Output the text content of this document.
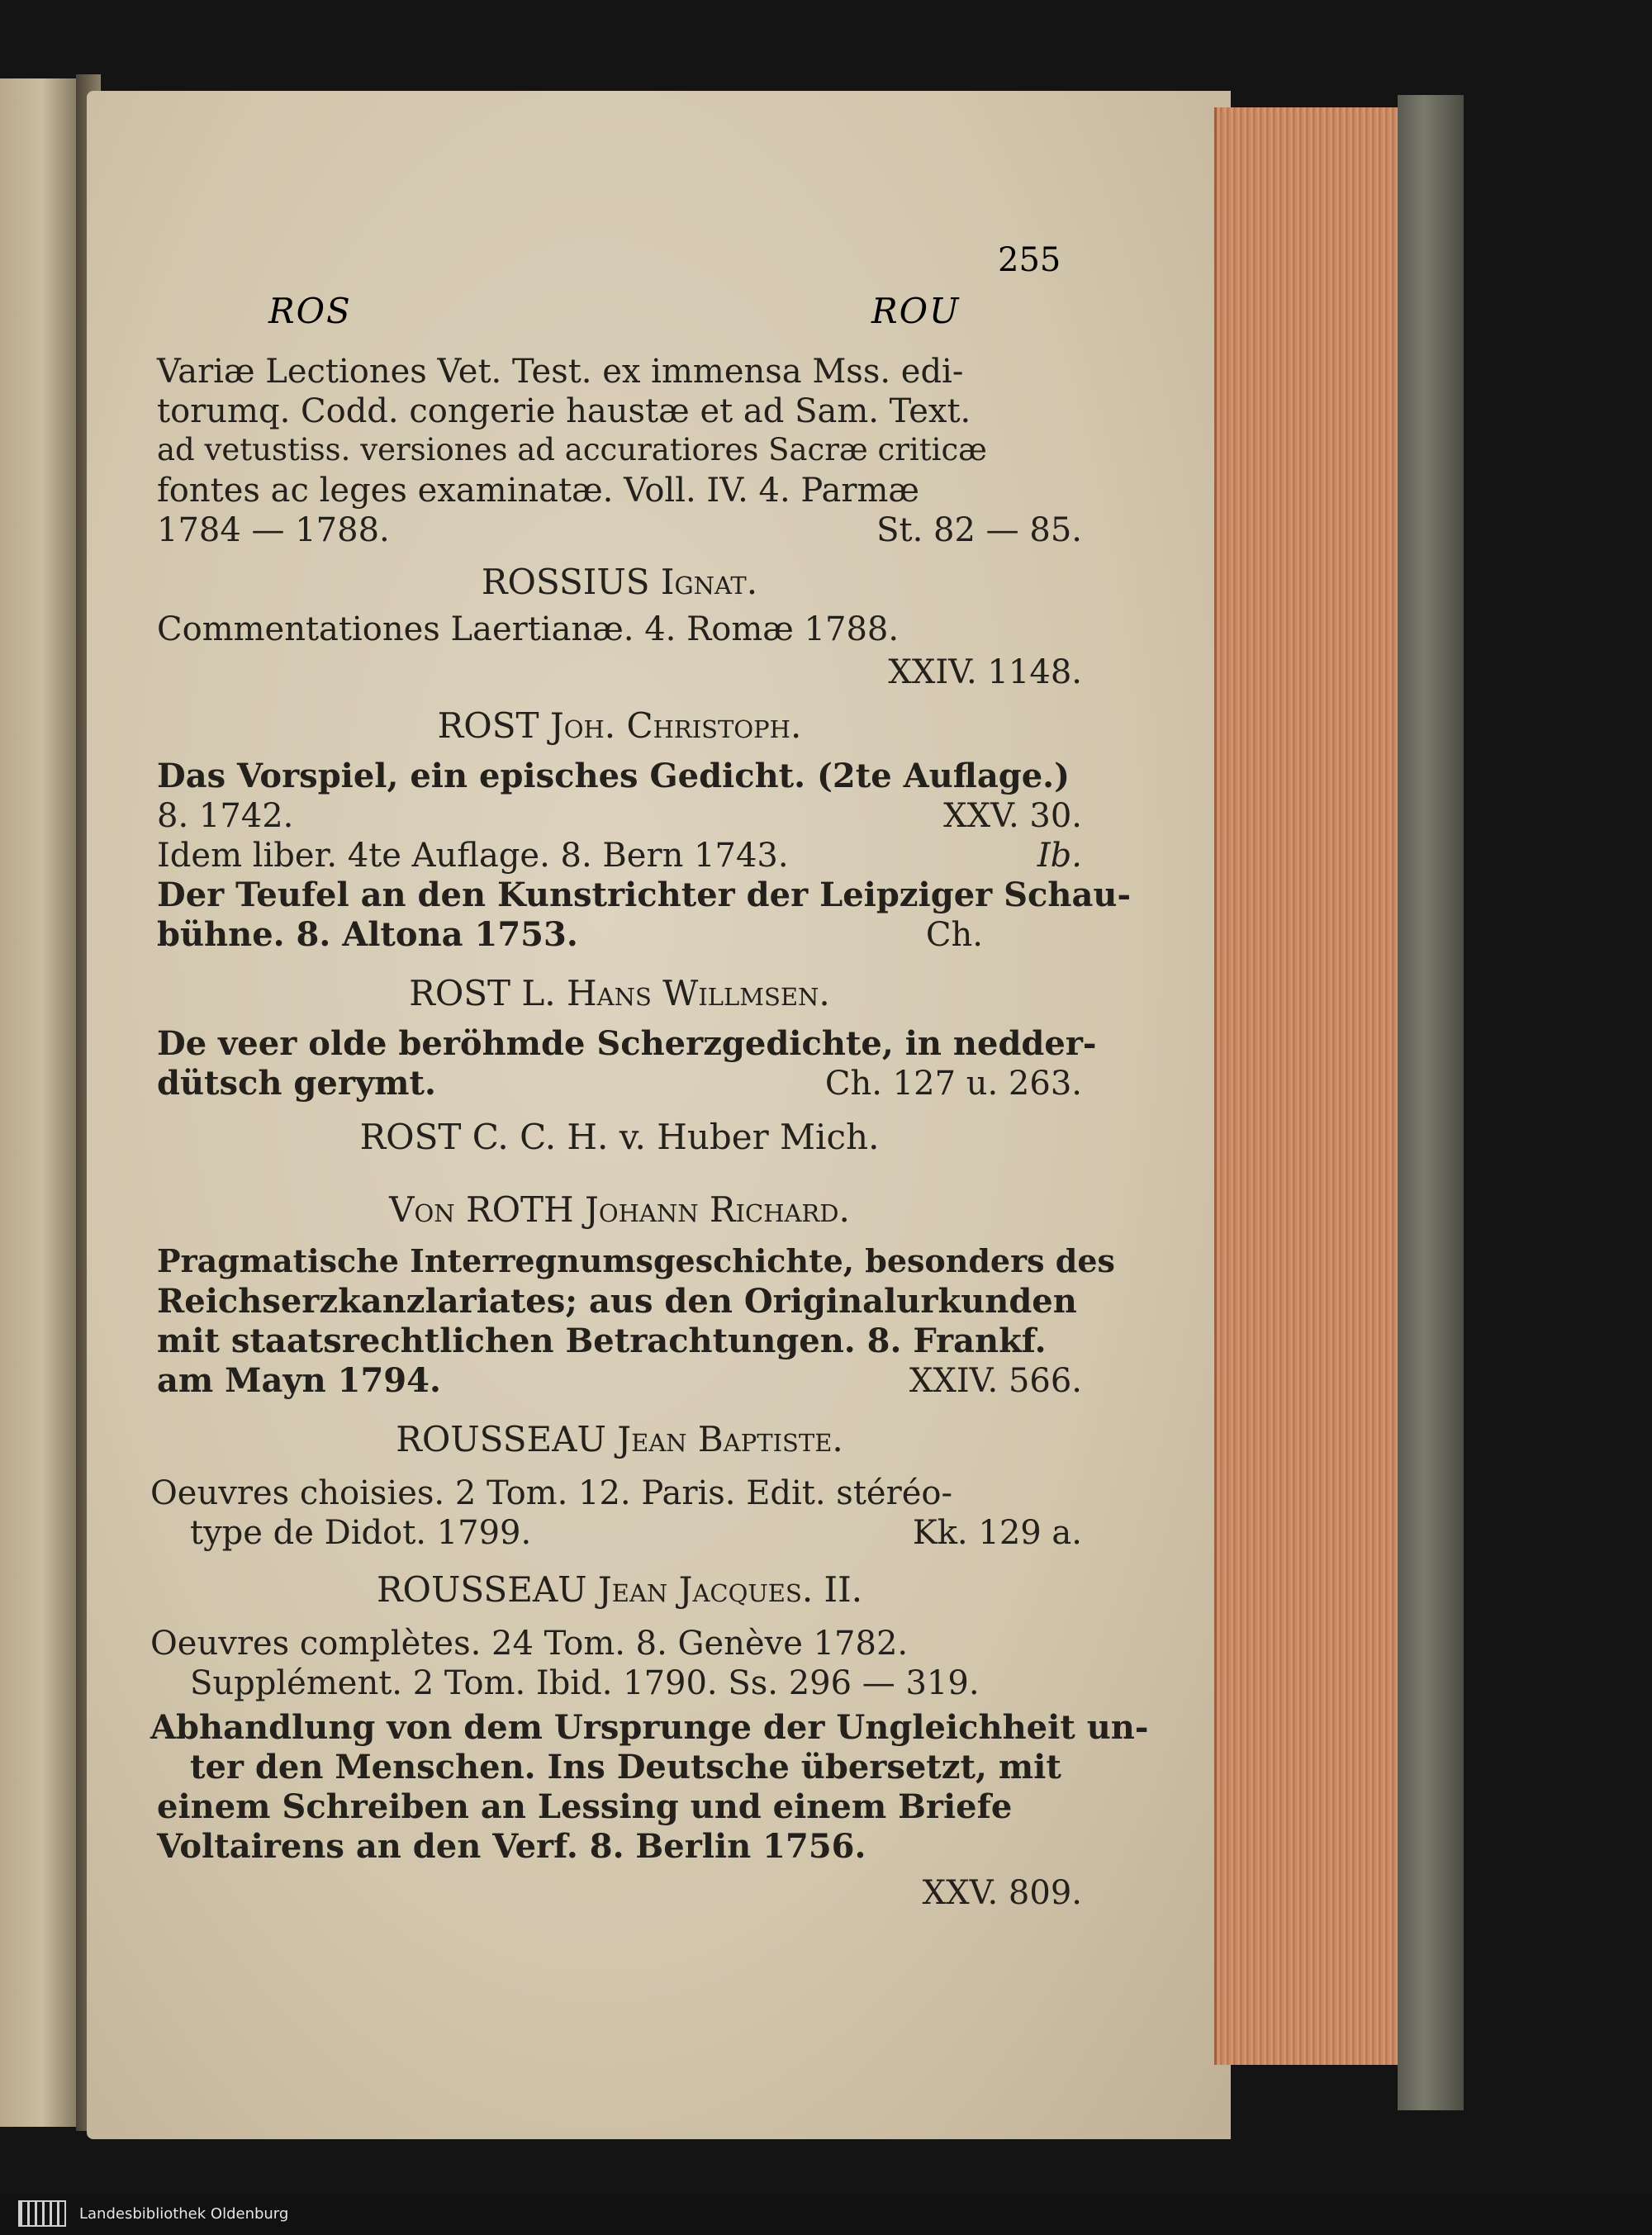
255
ROS	ROU
Variæ Lectiones Vet. Test. ex immensa Mss. edi-
torumq. Codd. congerie haustæ et ad Sam. Text.
ad vetustiss. versiones ad accuratiores Sacræ criticæ
fontes ac leges examinatæ. Voll. IV. 4. Parmæ
1784 — 1788.	St. 82 — 85.
ROSSIUS Ignat.
Commentationes Laertianæ. 4. Romæ 1788.
XXIV. 1148.
ROST Joh. Christoph.
Das Vorspiel, ein episches Gedicht. (2te Auflage.)
8. 1742.	XXV. 30.
Idem liber. 4te Auflage. 8. Bern 1743.	Ib.
Der Teufel an den Kunstrichter der Leipziger Schau-
bühne. 8. Altona 1753.	Ch.
ROST L. Hans Willmsen.
De veer olde beröhmde Scherzgedichte, in nedder-
dütsch gerymt.	Ch. 127 u. 263.
ROST C. C. H. v. Huber Mich.
Von ROTH Johann Richard.
Pragmatische Interregnumsgeschichte, besonders des
Reichserzkanzlariates; aus den Originalurkunden
mit staatsrechtlichen Betrachtungen. 8. Frankf.
am Mayn 1794.	XXIV. 566.
ROUSSEAU Jean Baptiste.
Oeuvres choisies. 2 Tom. 12. Paris. Edit. stéréo-
type de Didot. 1799.	Kk. 129 a.
ROUSSEAU Jean Jacques. II.
Oeuvres complètes. 24 Tom. 8. Genève 1782.
Supplément. 2 Tom. Ibid. 1790. Ss. 296 — 319.
Abhandlung von dem Ursprunge der Ungleichheit un-
ter den Menschen. Ins Deutsche übersetzt, mit
einem Schreiben an Lessing und einem Briefe
Voltairens an den Verf. 8. Berlin 1756.
XXV. 809.
Landesbibliothek Oldenburg
